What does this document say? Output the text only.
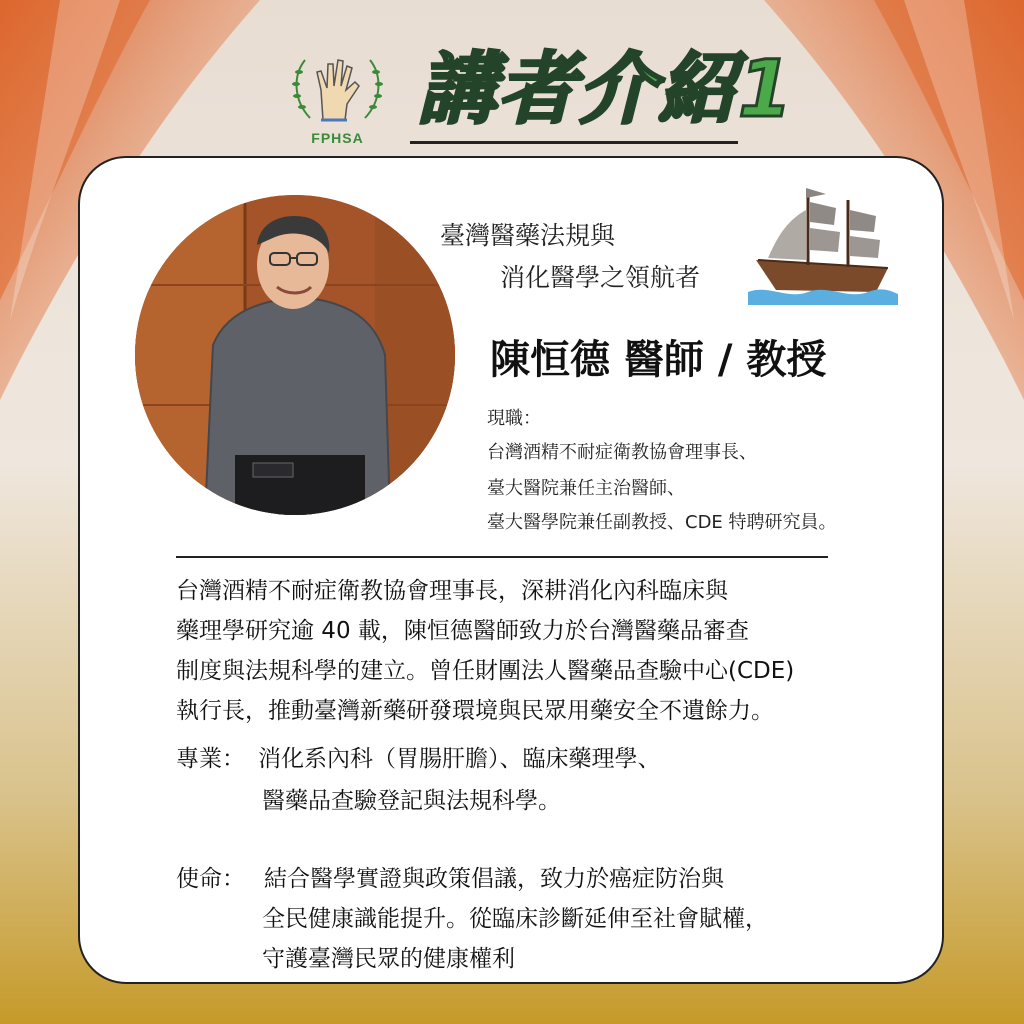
FPHSA
講者介紹1
臺灣醫藥法規與
消化醫學之領航者
陳恒德 醫師 / 教授
現職：
台灣酒精不耐症衛教協會理事長、
臺大醫院兼任主治醫師、
臺大醫學院兼任副教授、CDE 特聘研究員。
台灣酒精不耐症衛教協會理事長，深耕消化內科臨床與
藥理學研究逾 40 載，陳恒德醫師致力於台灣醫藥品審查
制度與法規科學的建立。曾任財團法人醫藥品查驗中心(CDE)
執行長，推動臺灣新藥研發環境與民眾用藥安全不遺餘力。
專業： 消化系內科（胃腸肝膽）、臨床藥理學、
醫藥品查驗登記與法規科學。
使命： 結合醫學實證與政策倡議，致力於癌症防治與
全民健康識能提升。從臨床診斷延伸至社會賦權，
守護臺灣民眾的健康權利
